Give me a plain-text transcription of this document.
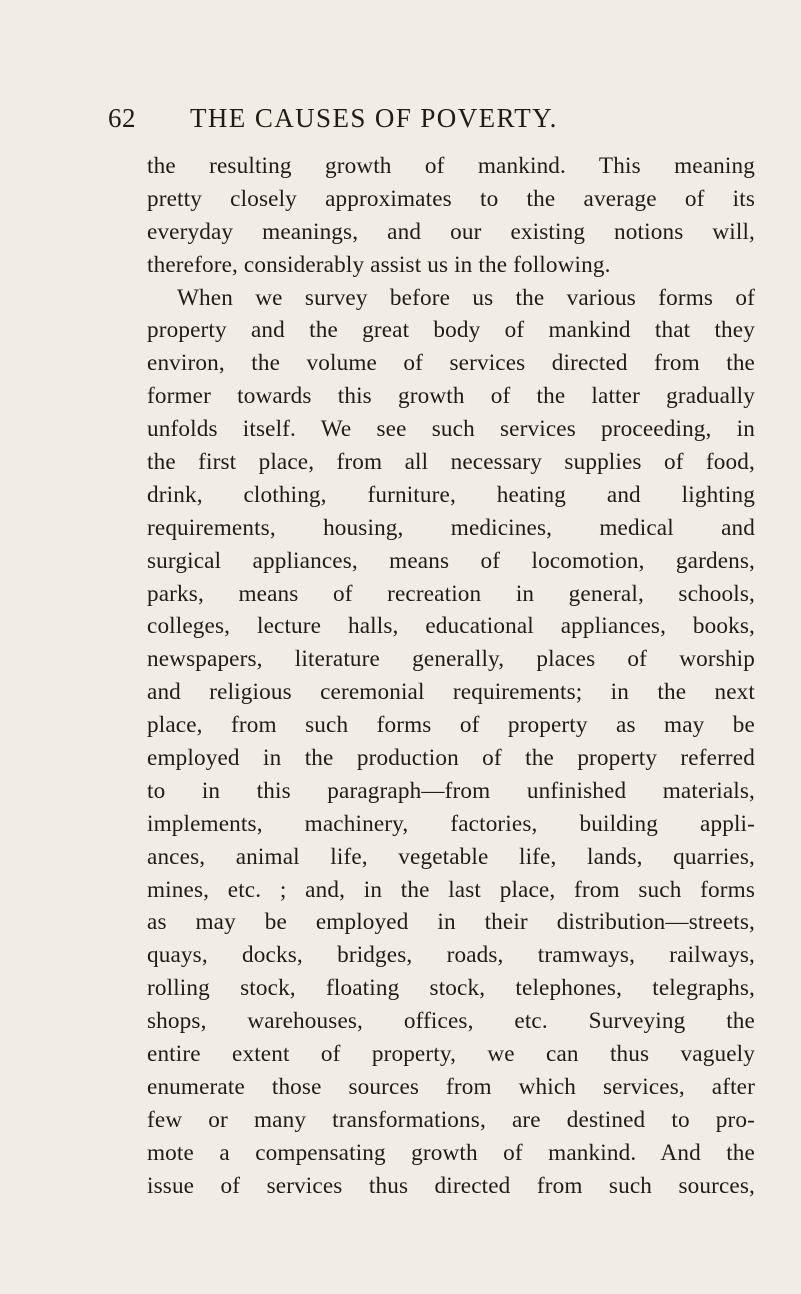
62 THE CAUSES OF POVERTY.
the resulting growth of mankind. This meaning
pretty closely approximates to the average of its
everyday meanings, and our existing notions will,
therefore, considerably assist us in the following.
When we survey before us the various forms of
property and the great body of mankind that they
environ, the volume of services directed from the
former towards this growth of the latter gradually
unfolds itself. We see such services proceeding, in
the first place, from all necessary supplies of food,
drink, clothing, furniture, heating and lighting
requirements, housing, medicines, medical and
surgical appliances, means of locomotion, gardens,
parks, means of recreation in general, schools,
colleges, lecture halls, educational appliances, books,
newspapers, literature generally, places of worship
and religious ceremonial requirements; in the next
place, from such forms of property as may be
employed in the production of the property referred
to in this paragraph—from unfinished materials,
implements, machinery, factories, building appli-
ances, animal life, vegetable life, lands, quarries,
mines, etc. ; and, in the last place, from such forms
as may be employed in their distribution—streets,
quays, docks, bridges, roads, tramways, railways,
rolling stock, floating stock, telephones, telegraphs,
shops, warehouses, offices, etc. Surveying the
entire extent of property, we can thus vaguely
enumerate those sources from which services, after
few or many transformations, are destined to pro-
mote a compensating growth of mankind. And the
issue of services thus directed from such sources,
